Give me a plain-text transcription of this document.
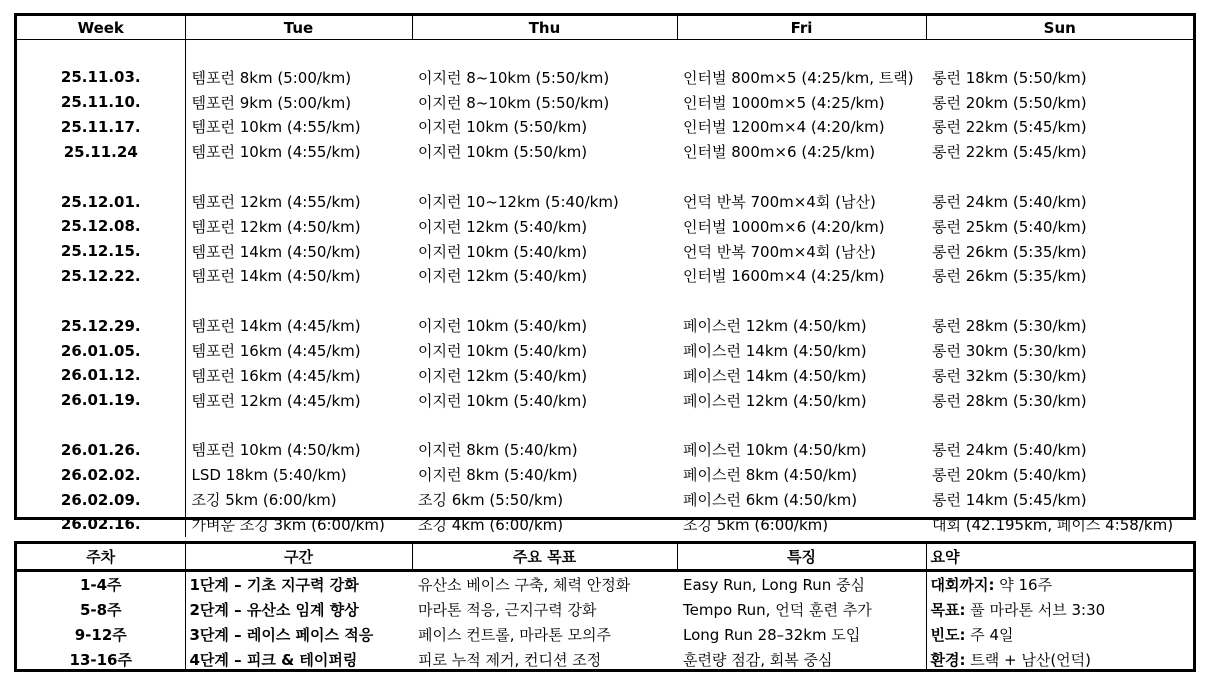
Week	Tue	Thu	Fri	Sun

25.11.03.	템포런 8km (5:00/km)	이지런 8~10km (5:50/km)	인터벌 800m×5 (4:25/km, 트랙)	롱런 18km (5:50/km)
25.11.10.	템포런 9km (5:00/km)	이지런 8~10km (5:50/km)	인터벌 1000m×5 (4:25/km)	롱런 20km (5:50/km)
25.11.17.	템포런 10km (4:55/km)	이지런 10km (5:50/km)	인터벌 1200m×4 (4:20/km)	롱런 22km (5:45/km)
25.11.24	템포런 10km (4:55/km)	이지런 10km (5:50/km)	인터벌 800m×6 (4:25/km)	롱런 22km (5:45/km)

25.12.01.	템포런 12km (4:55/km)	이지런 10~12km (5:40/km)	언덕 반복 700m×4회 (남산)	롱런 24km (5:40/km)
25.12.08.	템포런 12km (4:50/km)	이지런 12km (5:40/km)	인터벌 1000m×6 (4:20/km)	롱런 25km (5:40/km)
25.12.15.	템포런 14km (4:50/km)	이지런 10km (5:40/km)	언덕 반복 700m×4회 (남산)	롱런 26km (5:35/km)
25.12.22.	템포런 14km (4:50/km)	이지런 12km (5:40/km)	인터벌 1600m×4 (4:25/km)	롱런 26km (5:35/km)

25.12.29.	템포런 14km (4:45/km)	이지런 10km (5:40/km)	페이스런 12km (4:50/km)	롱런 28km (5:30/km)
26.01.05.	템포런 16km (4:45/km)	이지런 10km (5:40/km)	페이스런 14km (4:50/km)	롱런 30km (5:30/km)
26.01.12.	템포런 16km (4:45/km)	이지런 12km (5:40/km)	페이스런 14km (4:50/km)	롱런 32km (5:30/km)
26.01.19.	템포런 12km (4:45/km)	이지런 10km (5:40/km)	페이스런 12km (4:50/km)	롱런 28km (5:30/km)

26.01.26.	템포런 10km (4:50/km)	이지런 8km (5:40/km)	페이스런 10km (4:50/km)	롱런 24km (5:40/km)
26.02.02.	LSD 18km (5:40/km)	이지런 8km (5:40/km)	페이스런 8km (4:50/km)	롱런 20km (5:40/km)
26.02.09.	조깅 5km (6:00/km)	조깅 6km (5:50/km)	페이스런 6km (4:50/km)	롱런 14km (5:45/km)
26.02.16.	가벼운 조깅 3km (6:00/km)	조깅 4km (6:00/km)	조깅 5km (6:00/km)	대회 (42.195km, 페이스 4:58/km)
주차	구간	주요 목표	특징	요약
1-4주	1단계 – 기초 지구력 강화	유산소 베이스 구축, 체력 안정화	Easy Run, Long Run 중심	대회까지: 약 16주
5-8주	2단계 – 유산소 임계 향상	마라톤 적응, 근지구력 강화	Tempo Run, 언덕 훈련 추가	목표: 풀 마라톤 서브 3:30
9-12주	3단계 – 레이스 페이스 적응	페이스 컨트롤, 마라톤 모의주	Long Run 28–32km 도입	빈도: 주 4일
13-16주	4단계 – 피크 & 테이퍼링	피로 누적 제거, 컨디션 조정	훈련량 점감, 회복 중심	환경: 트랙 + 남산(언덕)
